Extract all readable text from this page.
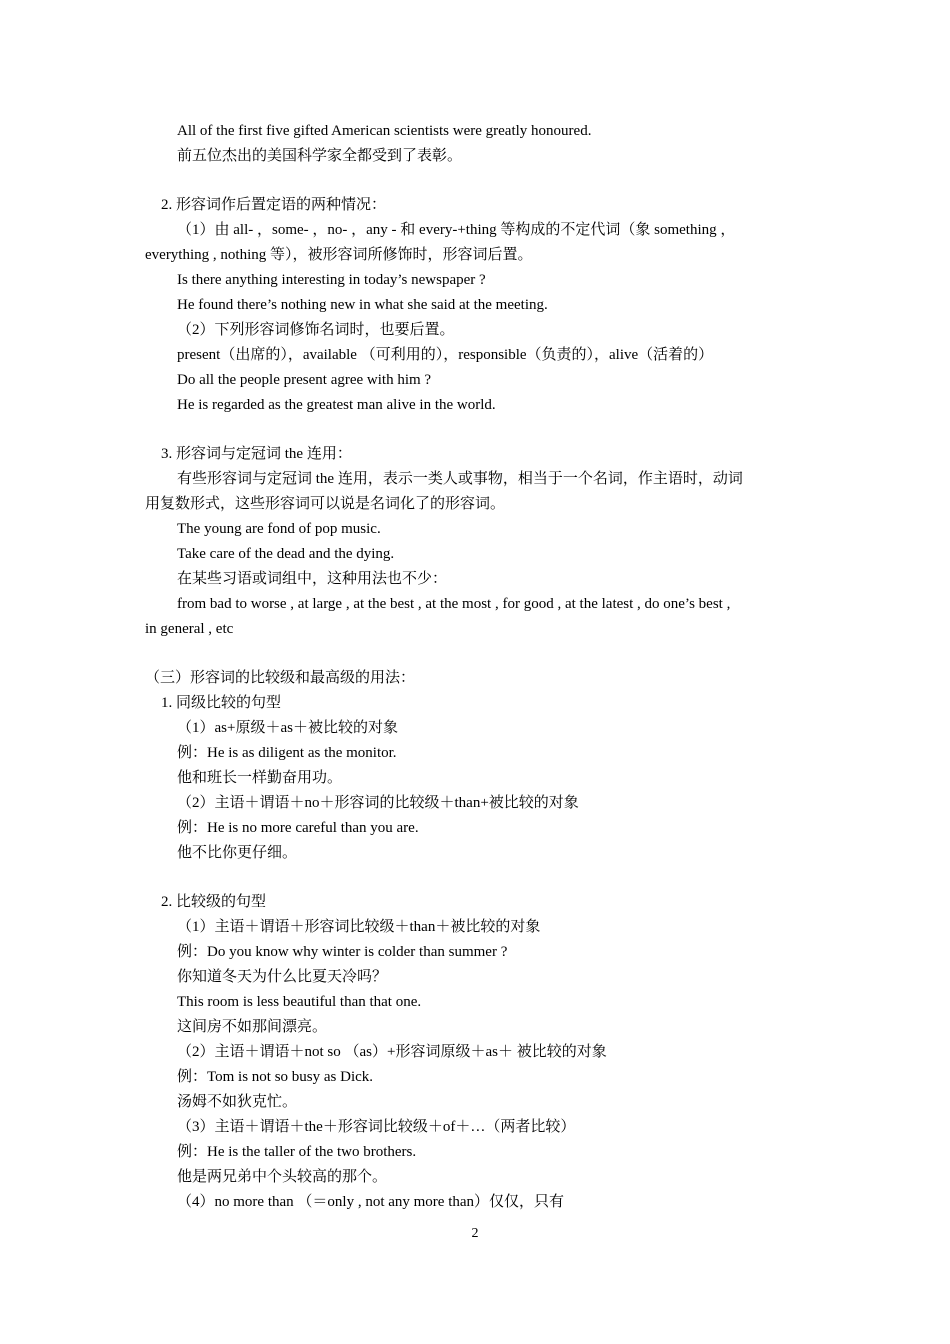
All of the first five gifted American scientists were greatly honoured.
前五位杰出的美国科学家全都受到了表彰。
2. 形容词作后置定语的两种情况：
（1）由 all- ，some- ，no- ，any - 和 every-+thing 等构成的不定代词（象 something ，
everything , nothing 等），被形容词所修饰时，形容词后置。
Is there anything interesting in today’s newspaper ?
He found there’s nothing new in what she said at the meeting.
（2）下列形容词修饰名词时，也要后置。
present（出席的），available （可利用的），responsible（负责的），alive（活着的）
Do all the people present agree with him ?
He is regarded as the greatest man alive in the world.
3. 形容词与定冠词 the 连用：
有些形容词与定冠词 the 连用，表示一类人或事物，相当于一个名词，作主语时，动词
用复数形式，这些形容词可以说是名词化了的形容词。
The young are fond of pop music.
Take care of the dead and the dying.
在某些习语或词组中，这种用法也不少：
from bad to worse , at large , at the best , at the most , for good , at the latest , do one’s best ,
in general , etc
（三）形容词的比较级和最高级的用法：
1. 同级比较的句型
（1）as+原级＋as＋被比较的对象
例：He is as diligent as the monitor.
他和班长一样勤奋用功。
（2）主语＋谓语＋no＋形容词的比较级＋than+被比较的对象
例：He is no more careful than you are.
他不比你更仔细。
2. 比较级的句型
（1）主语＋谓语＋形容词比较级＋than＋被比较的对象
例：Do you know why winter is colder than summer ?
你知道冬天为什么比夏天冷吗？
This room is less beautiful than that one.
这间房不如那间漂亮。
（2）主语＋谓语＋not so （as）+形容词原级＋as＋ 被比较的对象
例：Tom is not so busy as Dick.
汤姆不如狄克忙。
（3）主语＋谓语＋the＋形容词比较级＋of＋…（两者比较）
例：He is the taller of the two brothers.
他是两兄弟中个头较高的那个。
（4）no more than （＝only , not any more than）仅仅，只有
2
